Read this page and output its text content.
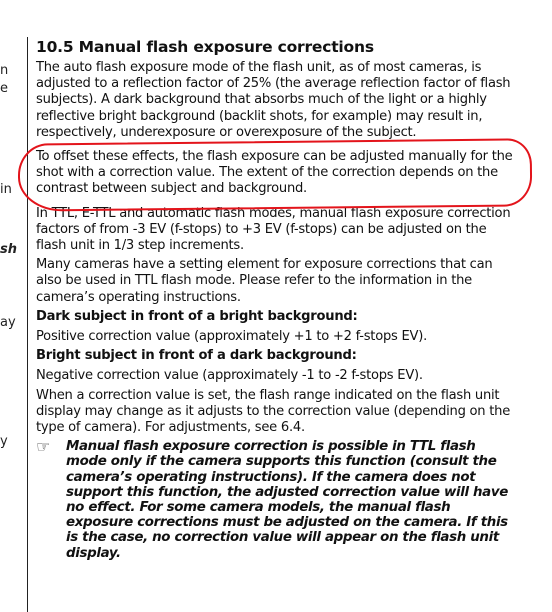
n
e
in
sh
ay
y
10.5 Manual flash exposure corrections

The auto flash exposure mode of the flash unit, as of most cameras, is adjusted to a reflection factor of 25% (the average reflection factor of flash subjects). A dark background that absorbs much of the light or a highly reflective bright background (backlit shots, for example) may result in, respectively, underexposure or overexposure of the subject.

To offset these effects, the flash exposure can be adjusted manually for the shot with a correction value. The extent of the correction depends on the contrast between subject and background.

In TTL, E-TTL and automatic flash modes, manual flash exposure correction factors of from -3 EV (f-stops) to +3 EV (f-stops) can be adjusted on the flash unit in 1/3 step increments.

Many cameras have a setting element for exposure corrections that can also be used in TTL flash mode. Please refer to the information in the camera’s operating instructions.

Dark subject in front of a bright background:

Positive correction value (approximately +1 to +2 f-stops EV).

Bright subject in front of a dark background:

Negative correction value (approximately -1 to -2 f-stops EV).

When a correction value is set, the flash range indicated on the flash unit display may change as it adjusts to the correction value (depending on the type of camera). For adjustments, see 6.4.

☞ Manual flash exposure correction is possible in TTL flash mode only if the camera supports this function (consult the camera’s operating instructions). If the camera does not support this function, the adjusted correction value will have no effect. For some camera models, the manual flash exposure corrections must be adjusted on the camera. If this is the case, no correction value will appear on the flash unit display.
